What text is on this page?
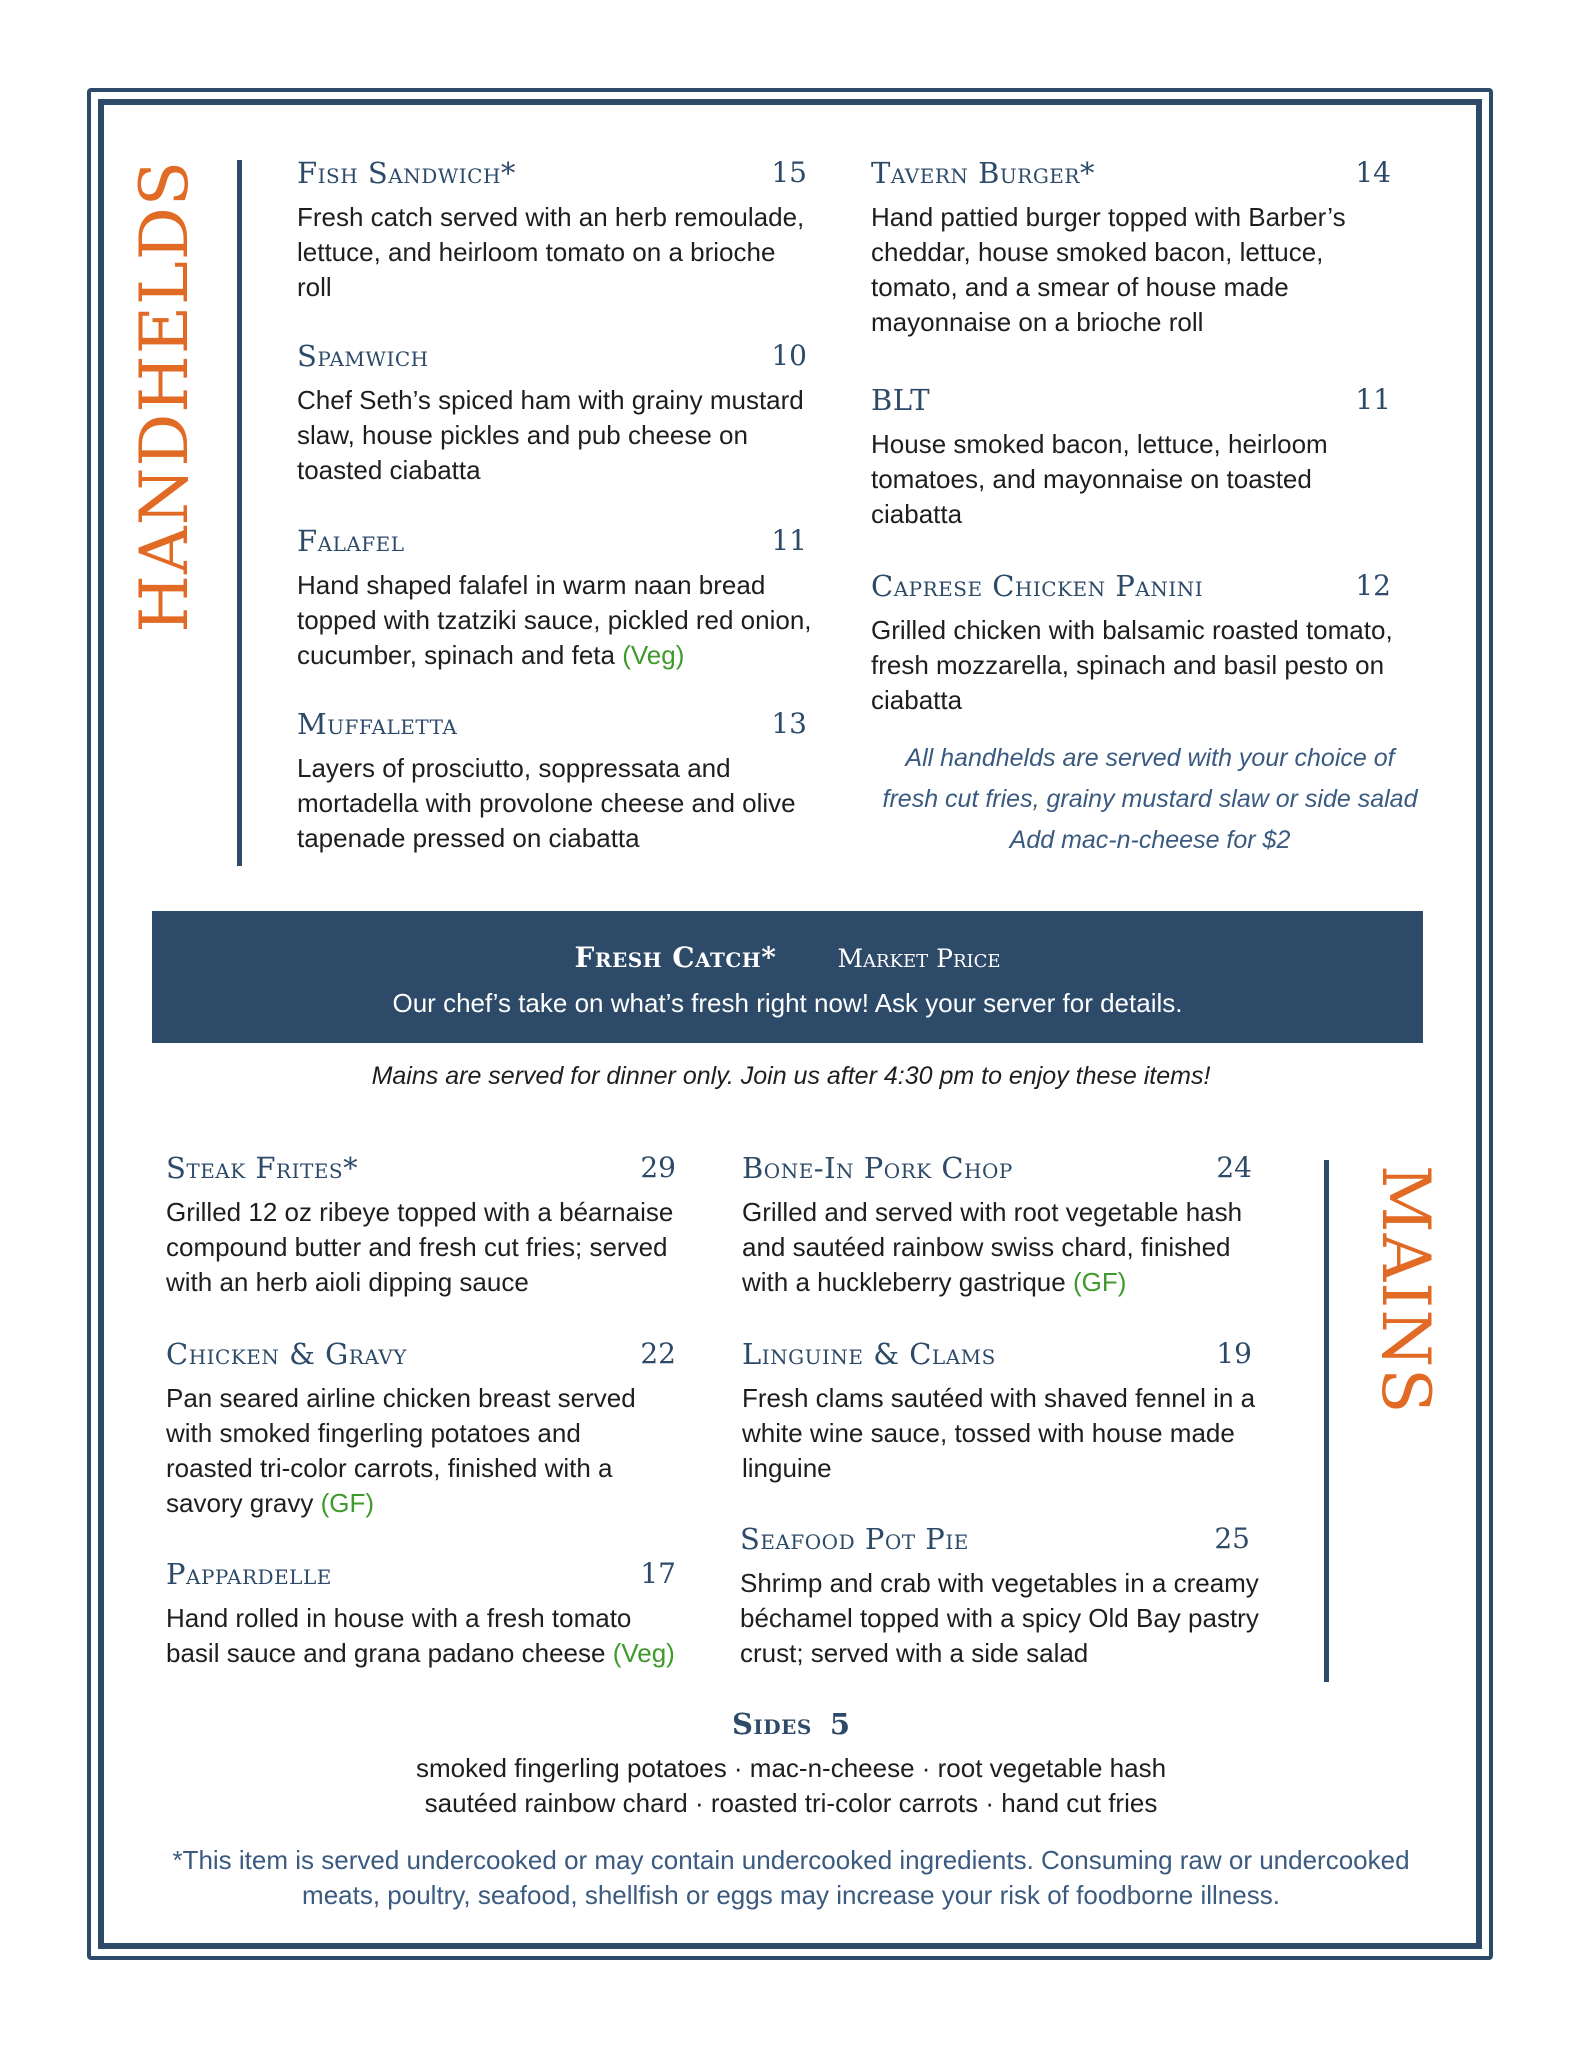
HANDHELDS	Fish Sandwich*	15
Fresh catch served with an herb remoulade, lettuce, and heirloom tomato on a brioche roll
Spamwich	10
Chef Seth’s spiced ham with grainy mustard slaw, house pickles and pub cheese on toasted ciabatta
Falafel	11
Hand shaped falafel in warm naan bread topped with tzatziki sauce, pickled red onion, cucumber, spinach and feta (Veg)
Muffaletta	13
Layers of prosciutto, soppressata and mortadella with provolone cheese and olive tapenade pressed on ciabatta
Tavern Burger*	14
Hand pattied burger topped with Barber’s cheddar, house smoked bacon, lettuce, tomato, and a smear of house made mayonnaise on a brioche roll
BLT	11
House smoked bacon, lettuce, heirloom tomatoes, and mayonnaise on toasted ciabatta
Caprese Chicken Panini	12
Grilled chicken with balsamic roasted tomato, fresh mozzarella, spinach and basil pesto on ciabatta
All handhelds are served with your choice of
fresh cut fries, grainy mustard slaw or side salad
Add mac-n-cheese for $2
Fresh Catch* Market Price
Our chef’s take on what’s fresh right now! Ask your server for details.
Mains are served for dinner only. Join us after 4:30 pm to enjoy these items!
MAINS
Steak Frites*	29
Grilled 12 oz ribeye topped with a béarnaise compound butter and fresh cut fries; served with an herb aioli dipping sauce
Chicken & Gravy	22
Pan seared airline chicken breast served with smoked fingerling potatoes and roasted tri-color carrots, finished with a savory gravy (GF)
Pappardelle	17
Hand rolled in house with a fresh tomato basil sauce and grana padano cheese (Veg)
Bone-In Pork Chop	24
Grilled and served with root vegetable hash and sautéed rainbow swiss chard, finished with a huckleberry gastrique (GF)
Linguine & Clams	19
Fresh clams sautéed with shaved fennel in a white wine sauce, tossed with house made linguine
Seafood Pot Pie	25
Shrimp and crab with vegetables in a creamy béchamel topped with a spicy Old Bay pastry crust; served with a side salad
Sides 5
smoked fingerling potatoes · mac-n-cheese · root vegetable hash
sautéed rainbow chard · roasted tri-color carrots · hand cut fries
*This item is served undercooked or may contain undercooked ingredients. Consuming raw or undercooked meats, poultry, seafood, shellfish or eggs may increase your risk of foodborne illness.
